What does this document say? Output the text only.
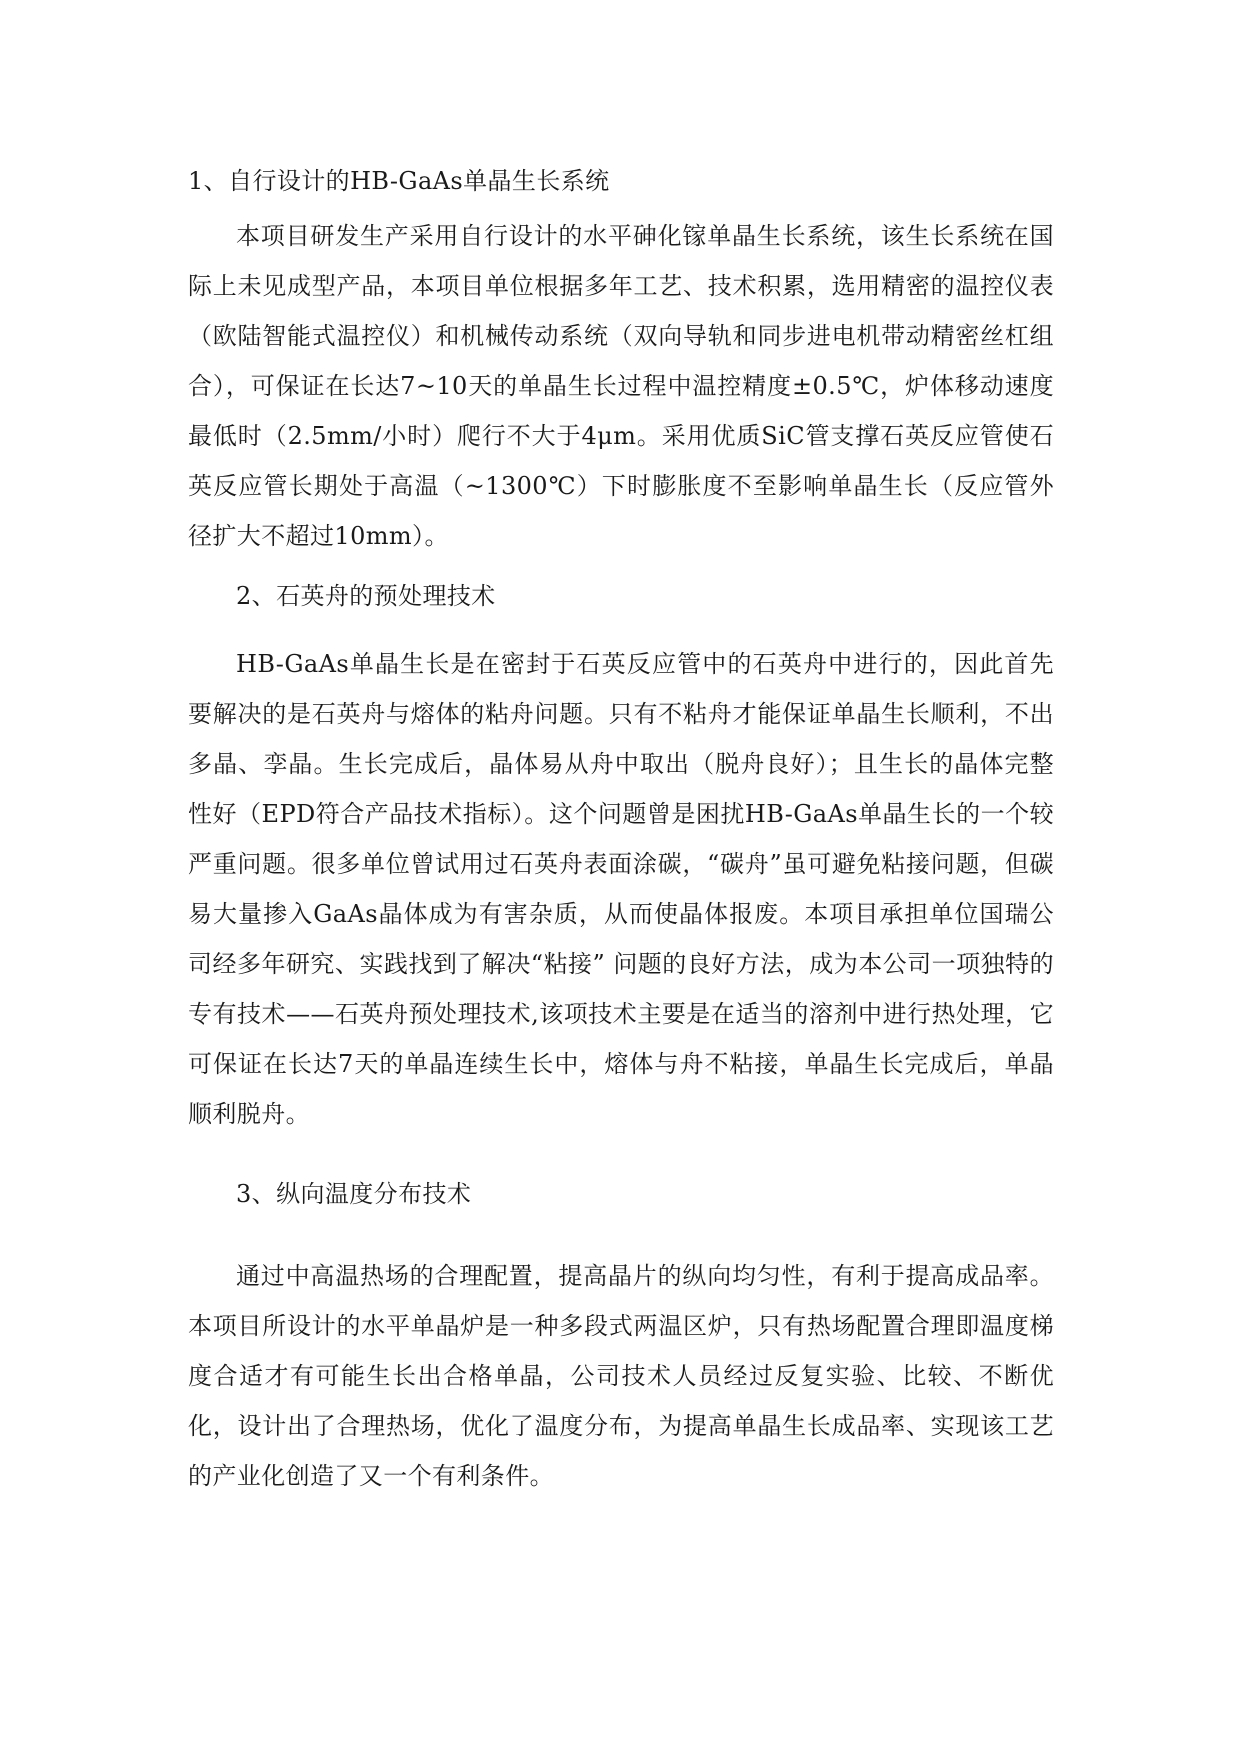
1、自行设计的HB-GaAs单晶生长系统

本项目研发生产采用自行设计的水平砷化镓单晶生长系统，该生长系统在国际上未见成型产品，本项目单位根据多年工艺、技术积累，选用精密的温控仪表（欧陆智能式温控仪）和机械传动系统（双向导轨和同步进电机带动精密丝杠组合），可保证在长达7~10天的单晶生长过程中温控精度±0.5℃，炉体移动速度最低时（2.5mm/小时）爬行不大于4μm。采用优质SiC管支撑石英反应管使石英反应管长期处于高温（~1300℃）下时膨胀度不至影响单晶生长（反应管外径扩大不超过10mm）。

2、石英舟的预处理技术

HB-GaAs单晶生长是在密封于石英反应管中的石英舟中进行的，因此首先要解决的是石英舟与熔体的粘舟问题。只有不粘舟才能保证单晶生长顺利，不出多晶、孪晶。生长完成后，晶体易从舟中取出（脱舟良好）；且生长的晶体完整性好（EPD符合产品技术指标）。这个问题曾是困扰HB-GaAs单晶生长的一个较严重问题。很多单位曾试用过石英舟表面涂碳，“碳舟”虽可避免粘接问题，但碳易大量掺入GaAs晶体成为有害杂质，从而使晶体报废。本项目承担单位国瑞公司经多年研究、实践找到了解决“粘接” 问题的良好方法，成为本公司一项独特的专有技术——石英舟预处理技术,该项技术主要是在适当的溶剂中进行热处理，它可保证在长达7天的单晶连续生长中，熔体与舟不粘接，单晶生长完成后，单晶顺利脱舟。

3、纵向温度分布技术

通过中高温热场的合理配置，提高晶片的纵向均匀性，有利于提高成品率。本项目所设计的水平单晶炉是一种多段式两温区炉，只有热场配置合理即温度梯度合适才有可能生长出合格单晶，公司技术人员经过反复实验、比较、不断优化，设计出了合理热场，优化了温度分布，为提高单晶生长成品率、实现该工艺的产业化创造了又一个有利条件。
